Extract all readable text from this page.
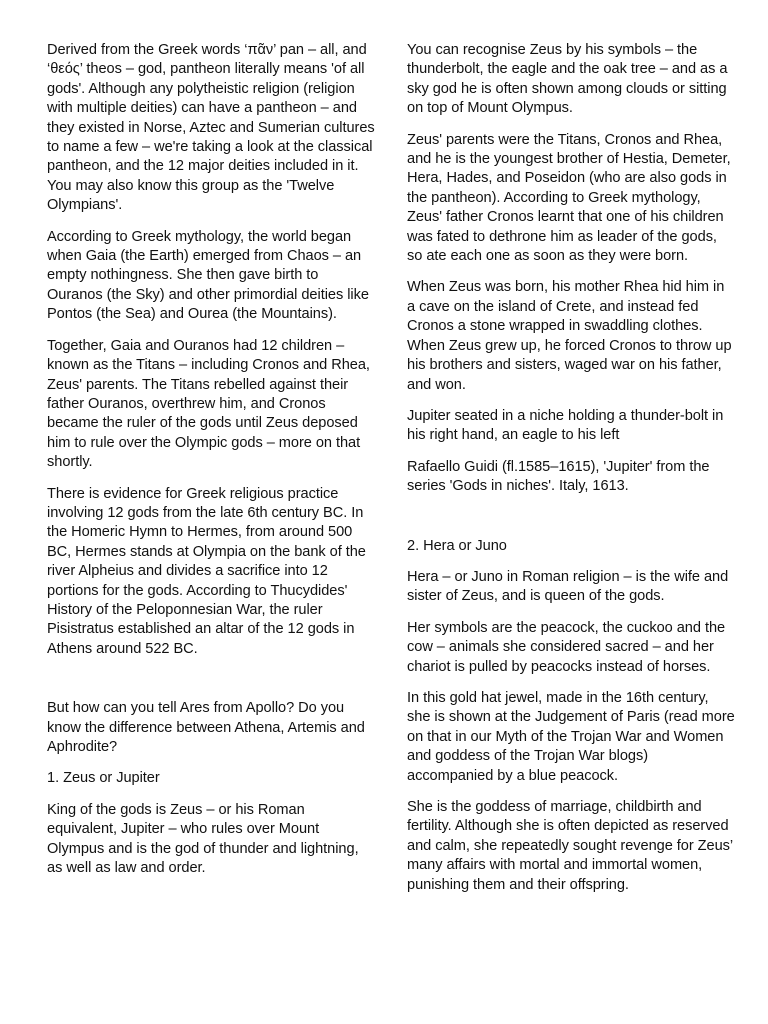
Derived from the Greek words ‘πᾶν’ pan – all, and ‘θεός’ theos – god, pantheon literally means 'of all gods'. Although any polytheistic religion (religion with multiple deities) can have a pantheon – and they existed in Norse, Aztec and Sumerian cultures to name a few – we're taking a look at the classical pantheon, and the 12 major deities included in it. You may also know this group as the 'Twelve Olympians'.

According to Greek mythology, the world began when Gaia (the Earth) emerged from Chaos – an empty nothingness. She then gave birth to Ouranos (the Sky) and other primordial deities like Pontos (the Sea) and Ourea (the Mountains).

Together, Gaia and Ouranos had 12 children – known as the Titans – including Cronos and Rhea, Zeus' parents. The Titans rebelled against their father Ouranos, overthrew him, and Cronos became the ruler of the gods until Zeus deposed him to rule over the Olympic gods – more on that shortly.

There is evidence for Greek religious practice involving 12 gods from the late 6th century BC. In the Homeric Hymn to Hermes, from around 500 BC, Hermes stands at Olympia on the bank of the river Alpheius and divides a sacrifice into 12 portions for the gods. According to Thucydides' History of the Peloponnesian War, the ruler Pisistratus established an altar of the 12 gods in Athens around 522 BC.

But how can you tell Ares from Apollo? Do you know the difference between Athena, Artemis and Aphrodite?

1. Zeus or Jupiter

King of the gods is Zeus – or his Roman equivalent, Jupiter – who rules over Mount Olympus and is the god of thunder and lightning, as well as law and order.

You can recognise Zeus by his symbols – the thunderbolt, the eagle and the oak tree – and as a sky god he is often shown among clouds or sitting on top of Mount Olympus.

Zeus' parents were the Titans, Cronos and Rhea, and he is the youngest brother of Hestia, Demeter, Hera, Hades, and Poseidon (who are also gods in the pantheon). According to Greek mythology, Zeus' father Cronos learnt that one of his children was fated to dethrone him as leader of the gods, so ate each one as soon as they were born.

When Zeus was born, his mother Rhea hid him in a cave on the island of Crete, and instead fed Cronos a stone wrapped in swaddling clothes. When Zeus grew up, he forced Cronos to throw up his brothers and sisters, waged war on his father, and won.

Jupiter seated in a niche holding a thunder-bolt in his right hand, an eagle to his left

Rafaello Guidi (fl.1585–1615), 'Jupiter' from the series 'Gods in niches'. Italy, 1613.

2. Hera or Juno

Hera – or Juno in Roman religion – is the wife and sister of Zeus, and is queen of the gods.

Her symbols are the peacock, the cuckoo and the cow – animals she considered sacred – and her chariot is pulled by peacocks instead of horses.

In this gold hat jewel, made in the 16th century, she is shown at the Judgement of Paris (read more on that in our Myth of the Trojan War and Women and goddess of the Trojan War blogs) accompanied by a blue peacock.

She is the goddess of marriage, childbirth and fertility. Although she is often depicted as reserved and calm, she repeatedly sought revenge for Zeus’ many affairs with mortal and immortal women, punishing them and their offspring.
